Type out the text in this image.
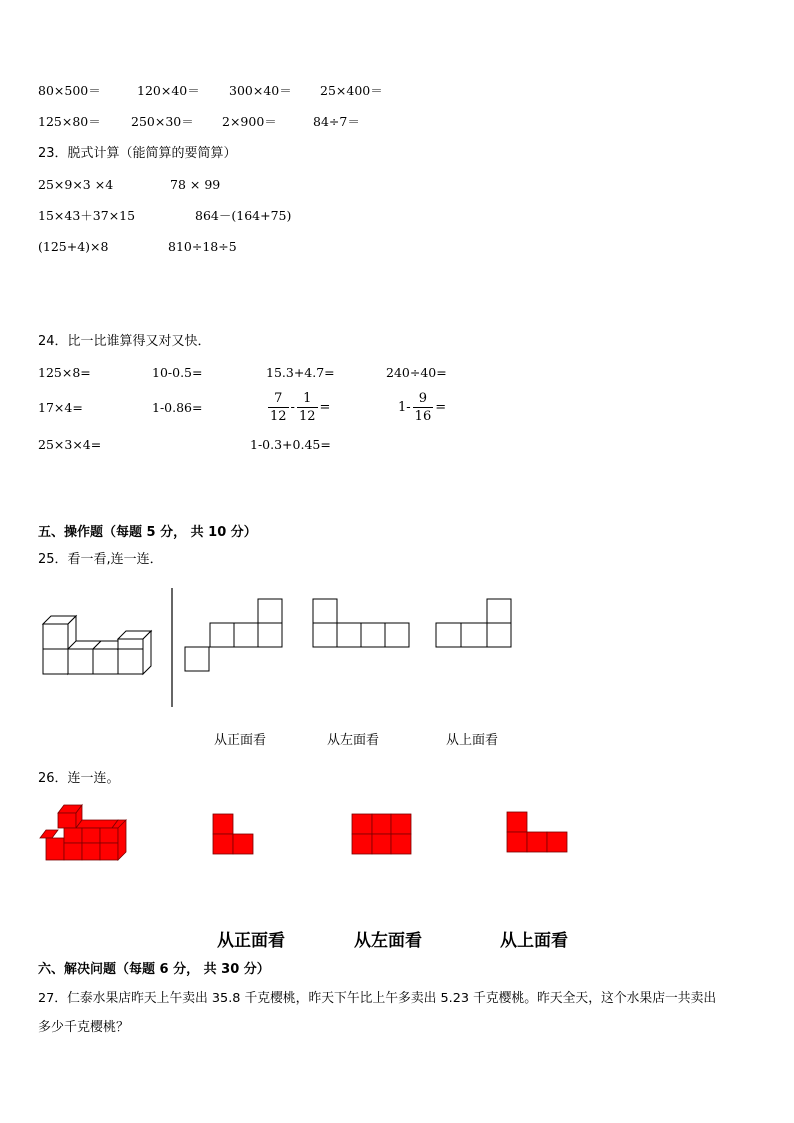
80×500＝	120×40＝ 300×40＝ 25×400＝
125×80＝ 250×30＝ 2×900＝	84÷7＝
23．脱式计算（能简算的要简算）
25×9×3 ×4	78 × 99
15×43＋37×15	864－(164+75)
(125+4)×8	810÷18÷5
24．比一比谁算得又对又快．
125×8=	10-0.5=	15.3+4.7=	240÷40=
17×4=	1-0.86=	$\frac{7}{12} - \frac{1}{12}$ =	$1- \frac{9}{16}$ =
25×3×4=	1-0.3+0.45=
五、操作题（每题 5 分， 共 10 分）
25．看一看,连一连．
从正面看	从左面看	从上面看
26．连一连。
从正面看	从左面看	从上面看
六、解决问题（每题 6 分， 共 30 分）
27．仁泰水果店昨天上午卖出 35.8 千克樱桃，昨天下午比上午多卖出 5.23 千克樱桃。昨天全天，这个水果店一共卖出
多少千克樱桃？
